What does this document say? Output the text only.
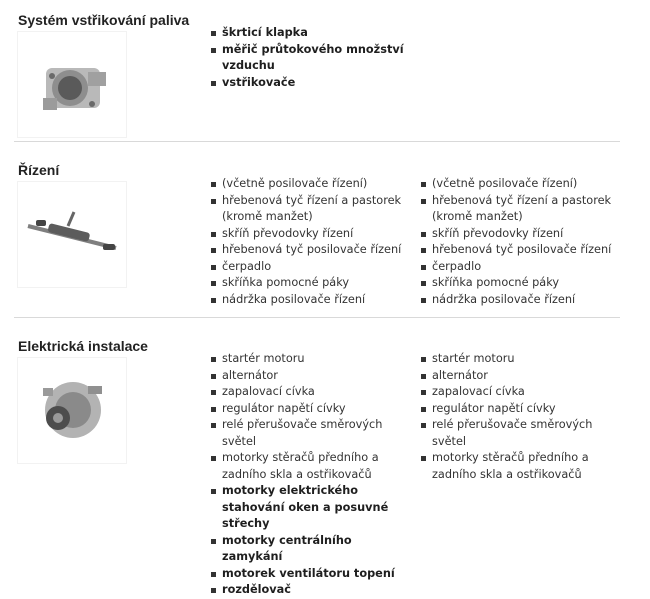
Systém vstřikování paliva
škrticí klapka
měřič průtokového množství vzduchu
vstřikovače
Řízení
(včetně posilovače řízení)
hřebenová tyč řízení a pastorek (kromě manžet)
skříň převodovky řízení
hřebenová tyč posilovače řízení
čerpadlo
skříňka pomocné páky
nádržka posilovače řízení
(včetně posilovače řízení)
hřebenová tyč řízení a pastorek (kromě manžet)
skříň převodovky řízení
hřebenová tyč posilovače řízení
čerpadlo
skříňka pomocné páky
nádržka posilovače řízení
Elektrická instalace
startér motoru
alternátor
zapalovací cívka
regulátor napětí cívky
relé přerušovače směrových světel
motorky stěračů předního a zadního skla a ostřikovačů
motorky elektrického stahování oken a posuvné střechy
motorky centrálního zamykání
motorek ventilátoru topení
rozdělovač
startér motoru
alternátor
zapalovací cívka
regulátor napětí cívky
relé přerušovače směrových světel
motorky stěračů předního a zadního skla a ostřikovačů
